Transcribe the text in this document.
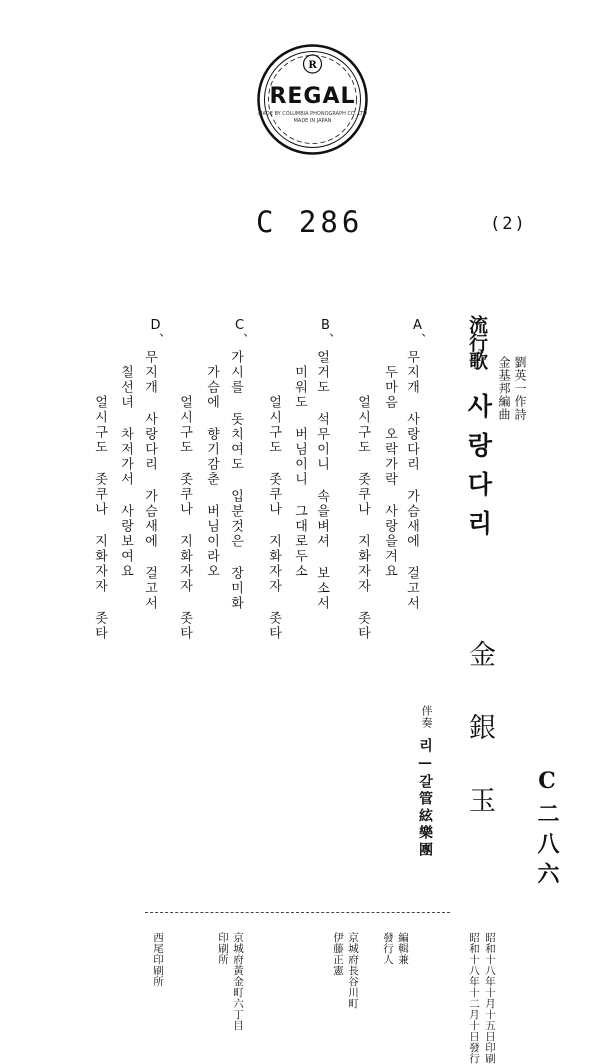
R
REGAL
MADE BY COLUMBIA PHONOGRAPH CO. LTD
MADE IN JAPAN
C 286	(2)
流行歌
劉英一作詩
金基邦編曲
사랑다리
金銀玉
伴奏
리—갈管絃樂團	C二八六
A、
무지개 사랑다리 가슴새에 걸고서
두마음 오락가락 사랑을겨요
얼시구도 좃쿠나 지화자자 좃타
B、
얼거도 석무이니 속을벼셔 보소서
미워도 버님이니 그대로두소
얼시구도 좃쿠나 지화자자 좃타
C、
가시를 돗치여도 입분것은 장미화
가슴에 향기감춘 버님이라오
얼시구도 좃쿠나 지화자자 좃타
D、
무지개 사랑다리 가슴새에 걸고서
칠선녀 차저가서 사랑보여요
얼시구도 좃쿠나 지화자자 좃타
昭和十八年十月十五日印刷
昭和十八年十二月十日發行
編輯兼
發行人
京城府長谷川町
伊藤正憲
京城府黃金町六丁目
印刷所
西尾印刷所
